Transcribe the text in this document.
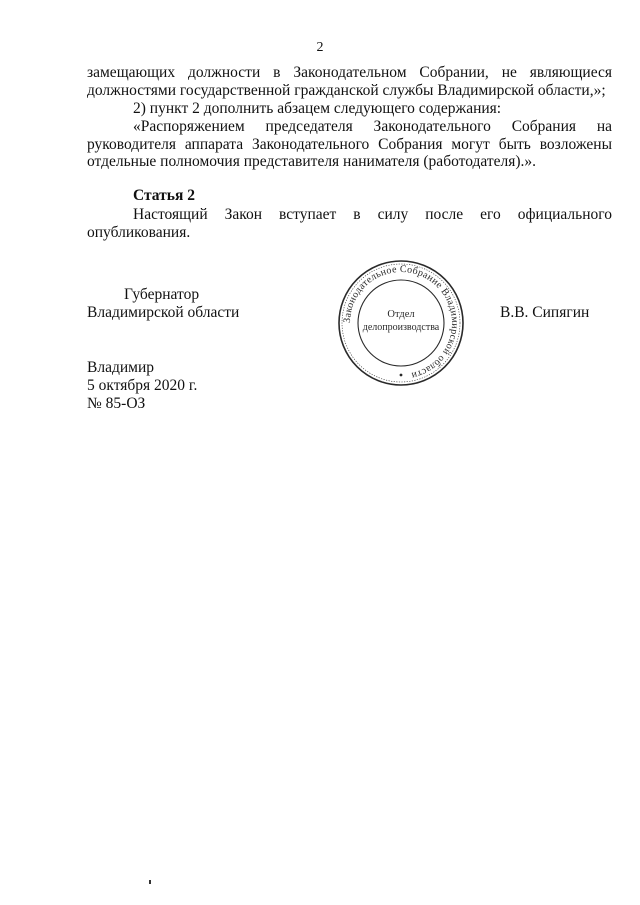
2
замещающих должности в Законодательном Собрании, не являющиеся
должностями государственной гражданской службы Владимирской области,»;
2) пункт 2 дополнить абзацем следующего содержания:
«Распоряжением председателя Законодательного Собрания на
руководителя аппарата Законодательного Собрания могут быть возложены
отдельные полномочия представителя нанимателя (работодателя).».
Статья 2
Настоящий Закон вступает в силу после его официального
опубликования.
Губернатор
Владимирской области	В.В. Сипягин
Законодательное Собрание Владимирской области
Отдел
делопроизводства
Владимир
5 октября 2020 г.
№ 85-ОЗ
